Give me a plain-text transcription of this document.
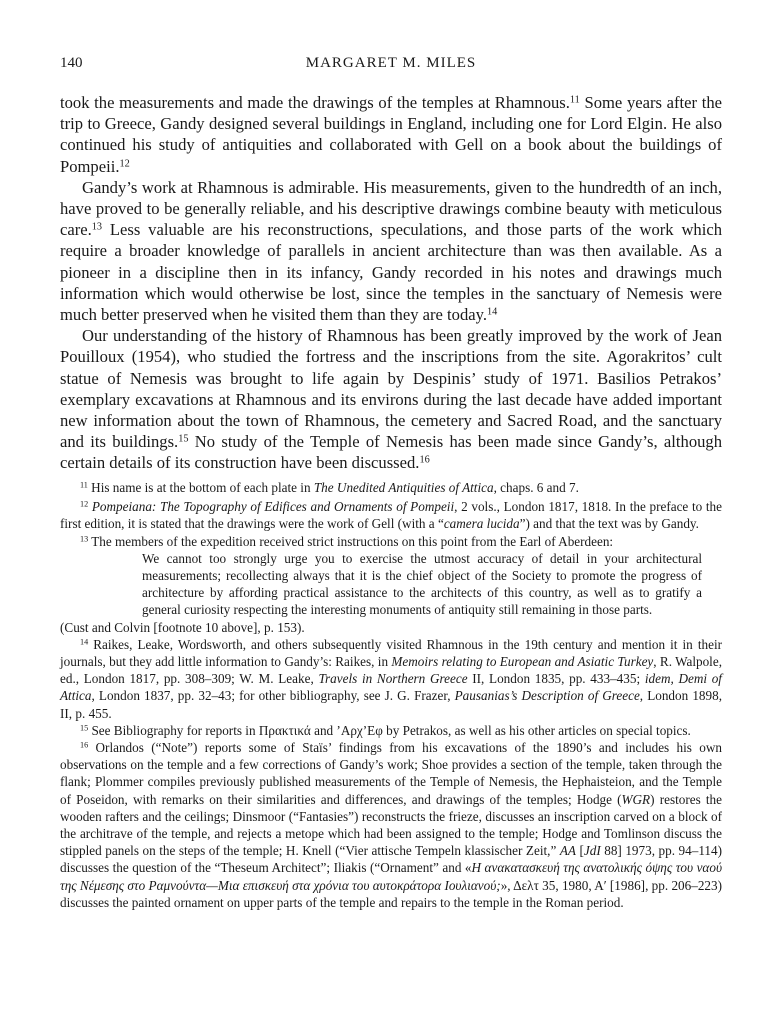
140	MARGARET M. MILES

took the measurements and made the drawings of the temples at Rhamnous.$^{11}$ Some years after the trip to Greece, Gandy designed several buildings in England, including one for Lord Elgin. He also continued his study of antiquities and collaborated with Gell on a book about the buildings of Pompeii.$^{12}$

Gandy’s work at Rhamnous is admirable. His measurements, given to the hundredth of an inch, have proved to be generally reliable, and his descriptive drawings combine beauty with meticulous care.$^{13}$ Less valuable are his reconstructions, speculations, and those parts of the work which require a broader knowledge of parallels in ancient architecture than was then available. As a pioneer in a discipline then in its infancy, Gandy recorded in his notes and drawings much information which would otherwise be lost, since the temples in the sanctuary of Nemesis were much better preserved when he visited them than they are today.$^{14}$

Our understanding of the history of Rhamnous has been greatly improved by the work of Jean Pouilloux (1954), who studied the fortress and the inscriptions from the site. Agorakritos’ cult statue of Nemesis was brought to life again by Despinis’ study of 1971. Basilios Petrakos’ exemplary excavations at Rhamnous and its environs during the last decade have added important new information about the town of Rhamnous, the cemetery and Sacred Road, and the sanctuary and its buildings.$^{15}$ No study of the Temple of Nemesis has been made since Gandy’s, although certain details of its construction have been discussed.$^{16}$

$^{11}$ His name is at the bottom of each plate in The Unedited Antiquities of Attica, chaps. 6 and 7.

$^{12}$ Pompeiana: The Topography of Edifices and Ornaments of Pompeii, 2 vols., London 1817, 1818. In the preface to the first edition, it is stated that the drawings were the work of Gell (with a “camera lucida”) and that the text was by Gandy.

$^{13}$ The members of the expedition received strict instructions on this point from the Earl of Aberdeen:

We cannot too strongly urge you to exercise the utmost accuracy of detail in your architectural measurements; recollecting always that it is the chief object of the Society to promote the progress of architecture by affording practical assistance to the architects of this country, as well as to gratify a general curiosity respecting the interesting monuments of antiquity still remaining in those parts.

(Cust and Colvin [footnote 10 above], p. 153).

$^{14}$ Raikes, Leake, Wordsworth, and others subsequently visited Rhamnous in the 19th century and mention it in their journals, but they add little information to Gandy’s: Raikes, in Memoirs relating to European and Asiatic Turkey, R. Walpole, ed., London 1817, pp. 308–309; W. M. Leake, Travels in Northern Greece II, London 1835, pp. 433–435; idem, Demi of Attica, London 1837, pp. 32–43; for other bibliography, see J. G. Frazer, Pausanias’s Description of Greece, London 1898, II, p. 455.

$^{15}$ See Bibliography for reports in Πρακτικά and ’Αρχ’Εφ by Petrakos, as well as his other articles on special topics.

$^{16}$ Orlandos (“Note”) reports some of Staïs’ findings from his excavations of the 1890’s and includes his own observations on the temple and a few corrections of Gandy’s work; Shoe provides a section of the temple, taken through the flank; Plommer compiles previously published measurements of the Temple of Nemesis, the Hephaisteion, and the Temple of Poseidon, with remarks on their similarities and differences, and drawings of the temples; Hodge (WGR) restores the wooden rafters and the ceilings; Dinsmoor (“Fantasies”) reconstructs the frieze, discusses an inscription carved on a block of the architrave of the temple, and rejects a metope which had been assigned to the temple; Hodge and Tomlinson discuss the stippled panels on the steps of the temple; H. Knell (“Vier attische Tempeln klassischer Zeit,” AA [JdI 88] 1973, pp. 94–114) discusses the question of the “Theseum Architect”; Iliakis (“Ornament” and «Η ανακατασκευή της ανατολικής όψης του ναού της Νέμεσης στο Ραμνούντα—Μια επισκευή στα χρόνια του αυτοκράτορα Ιουλιανού;», Δελτ 35, 1980, Α′ [1986], pp. 206–223) discusses the painted ornament on upper parts of the temple and repairs to the temple in the Roman period.
